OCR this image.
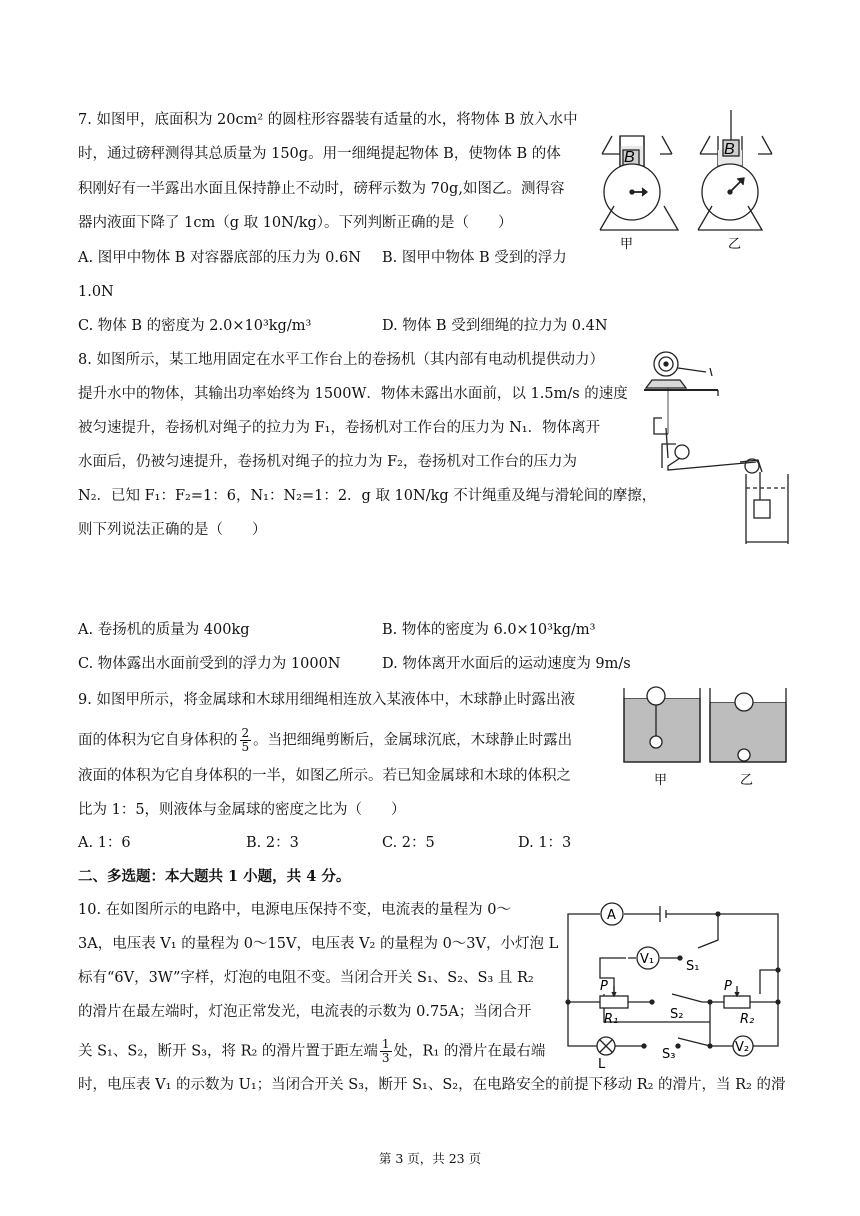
7. 如图甲，底面积为 20cm² 的圆柱形容器装有适量的水，将物体 B 放入水中
时，通过磅秤测得其总质量为 150g。用一细绳提起物体 B，使物体 B 的体
积刚好有一半露出水面且保持静止不动时，磅秤示数为 70g,如图乙。测得容
器内液面下降了 1cm（g 取 10N/kg）。下列判断正确的是（　　）
A. 图甲中物体 B 对容器底部的压力为 0.6N B. 图甲中物体 B 受到的浮力
1.0N
C. 物体 B 的密度为 2.0×10³kg/m³	D. 物体 B 受到细绳的拉力为 0.4N
B	B
甲	乙
8. 如图所示，某工地用固定在水平工作台上的卷扬机（其内部有电动机提供动力）
提升水中的物体，其输出功率始终为 1500W．物体未露出水面前，以 1.5m/s 的速度
被匀速提升，卷扬机对绳子的拉力为 F₁，卷扬机对工作台的压力为 N₁．物体离开
水面后，仍被匀速提升，卷扬机对绳子的拉力为 F₂，卷扬机对工作台的压力为
N₂．已知 F₁：F₂=1：6，N₁：N₂=1：2．g 取 10N/kg 不计绳重及绳与滑轮间的摩擦，
则下列说法正确的是（　　）
A. 卷扬机的质量为 400kg	B. 物体的密度为 6.0×10³kg/m³
C. 物体露出水面前受到的浮力为 1000N	D. 物体离开水面后的运动速度为 9m/s
9. 如图甲所示，将金属球和木球用细绳相连放入某液体中，木球静止时露出液
面的体积为它自身体积的 $\frac{2}{5}$ 。当把细绳剪断后，金属球沉底，木球静止时露出
液面的体积为它自身体积的一半，如图乙所示。若已知金属球和木球的体积之
比为 1：5，则液体与金属球的密度之比为（　　）
A. 1：6	B. 2：3	C. 2：5	D. 1：3
甲	乙
二、多选题：本大题共 1 小题，共 4 分。
10. 在如图所示的电路中，电源电压保持不变，电流表的量程为 0～
3A，电压表 V₁ 的量程为 0～15V，电压表 V₂ 的量程为 0～3V，小灯泡 L
标有“6V，3W”字样，灯泡的电阻不变。当闭合开关 S₁、S₂、S₃ 且 R₂
的滑片在最左端时，灯泡正常发光，电流表的示数为 0.75A；当闭合开
关 S₁、S₂，断开 S₃，将 R₂ 的滑片置于距左端 $\frac{1}{3}$ 处，R₁ 的滑片在最右端
时，电压表 V₁ 的示数为 U₁；当闭合开关 S₃，断开 S₁、S₂，在电路安全的前提下移动 R₂ 的滑片，当 R₂ 的滑
A
V₁
V₂
S₁
S₂
S₃
P	P
R₁	R₂
L
第 3 页，共 23 页
